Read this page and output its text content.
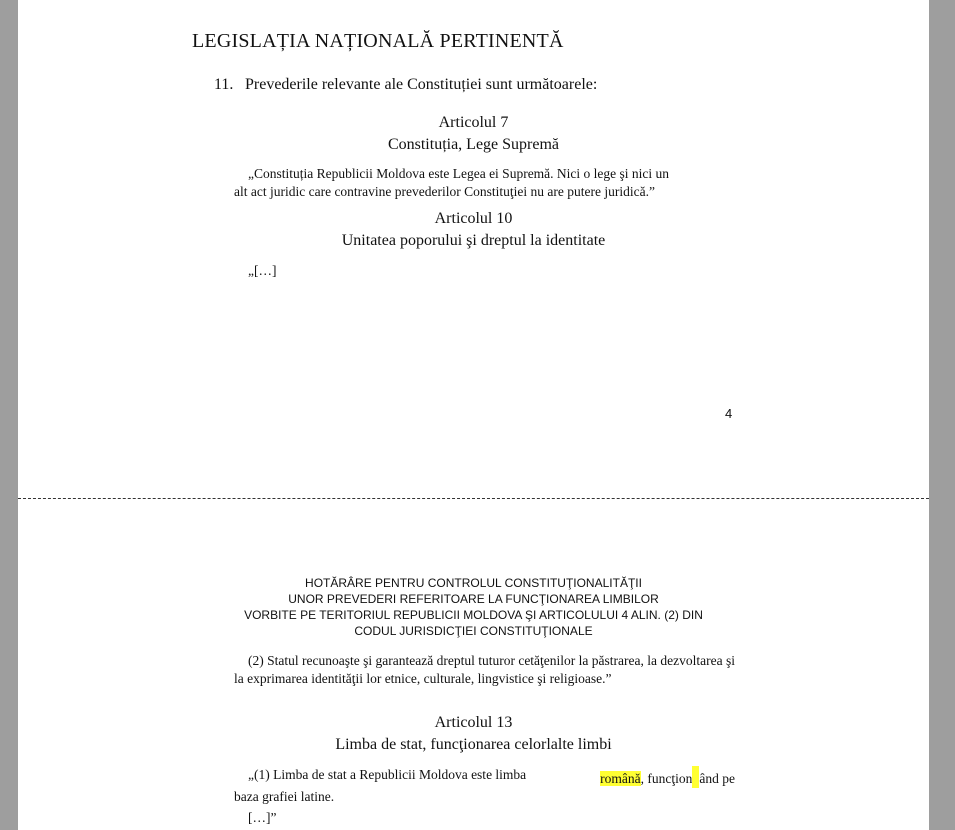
LEGISLAȚIA NAȚIONALĂ PERTINENTĂ

11. Prevederile relevante ale Constituției sunt următoarele:

Articolul 7

Constituția, Lege Supremă

„Constituția Republicii Moldova este Legea ei Supremă. Nici o lege şi nici un
alt act juridic care contravine prevederilor Constituţiei nu are putere juridică.”

Articolul 10

Unitatea poporului şi dreptul la identitate

„[…]

4

HOTĂRÂRE PENTRU CONTROLUL CONSTITUŢIONALITĂŢII
UNOR PREVEDERI REFERITOARE LA FUNCŢIONAREA LIMBILOR
VORBITE PE TERITORIUL REPUBLICII MOLDOVA ŞI ARTICOLULUI 4 ALIN. (2) DIN
CODUL JURISDICŢIEI CONSTITUŢIONALE
(2) Statul recunoaşte şi garantează dreptul tuturor cetăţenilor la păstrarea, la dezvoltarea şi la exprimarea identităţii lor etnice, culturale, lingvistice şi religioase.”

Articolul 13

Limba de stat, funcţionarea celorlalte limbi

„(1) Limba de stat a Republicii Moldova este limba	română, funcţion ând pe
baza grafiei latine.

[…]”
